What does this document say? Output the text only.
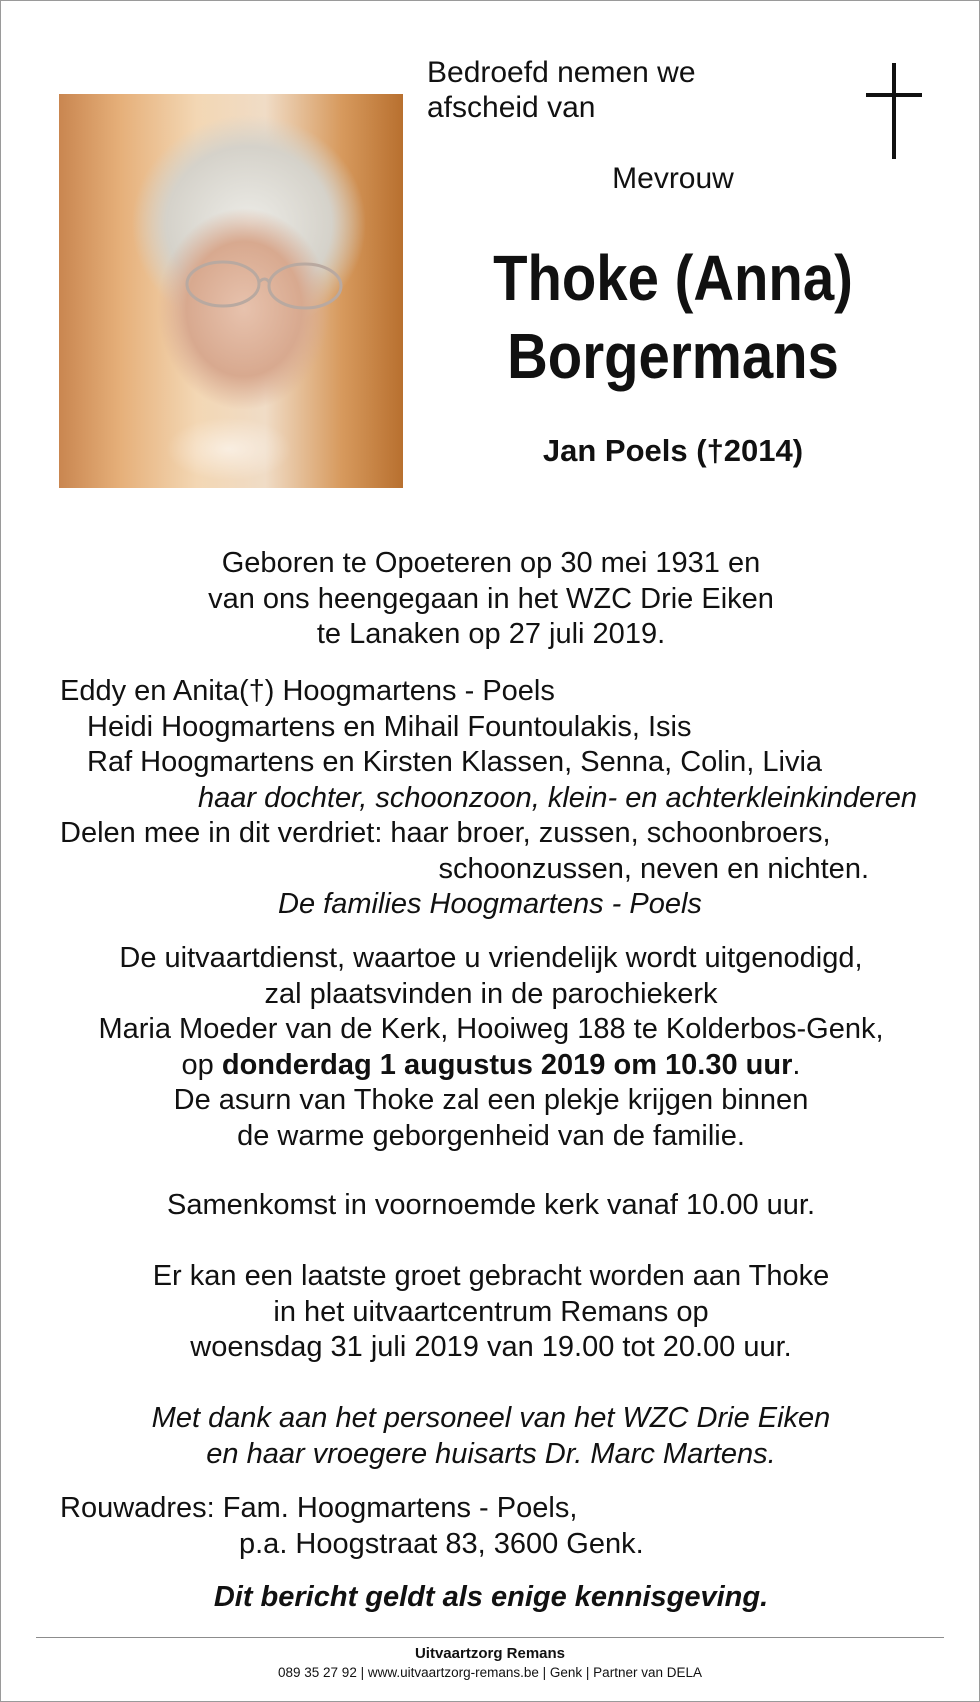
Bedroefd nemen we
afscheid van

Mevrouw

Thoke (Anna)
Borgermans

Jan Poels (†2014)

Geboren te Opoeteren op 30 mei 1931 en
van ons heengegaan in het WZC Drie Eiken
te Lanaken op 27 juli 2019.

Eddy en Anita(†) Hoogmartens - Poels
Heidi Hoogmartens en Mihail Fountoulakis, Isis
Raf Hoogmartens en Kirsten Klassen, Senna, Colin, Livia
haar dochter, schoonzoon, klein- en achterkleinkinderen
Delen mee in dit verdriet: haar broer, zussen, schoonbroers,
schoonzussen, neven en nichten.
De families Hoogmartens - Poels

De uitvaartdienst, waartoe u vriendelijk wordt uitgenodigd,
zal plaatsvinden in de parochiekerk
Maria Moeder van de Kerk, Hooiweg 188 te Kolderbos-Genk,
op donderdag 1 augustus 2019 om 10.30 uur.
De asurn van Thoke zal een plekje krijgen binnen
de warme geborgenheid van de familie.

Samenkomst in voornoemde kerk vanaf 10.00 uur.

Er kan een laatste groet gebracht worden aan Thoke
in het uitvaartcentrum Remans op
woensdag 31 juli 2019 van 19.00 tot 20.00 uur.

Met dank aan het personeel van het WZC Drie Eiken
en haar vroegere huisarts Dr. Marc Martens.

Rouwadres: Fam. Hoogmartens - Poels,
p.a. Hoogstraat 83, 3600 Genk.

Dit bericht geldt als enige kennisgeving.

Uitvaartzorg Remans
089 35 27 92 | www.uitvaartzorg-remans.be | Genk | Partner van DELA
